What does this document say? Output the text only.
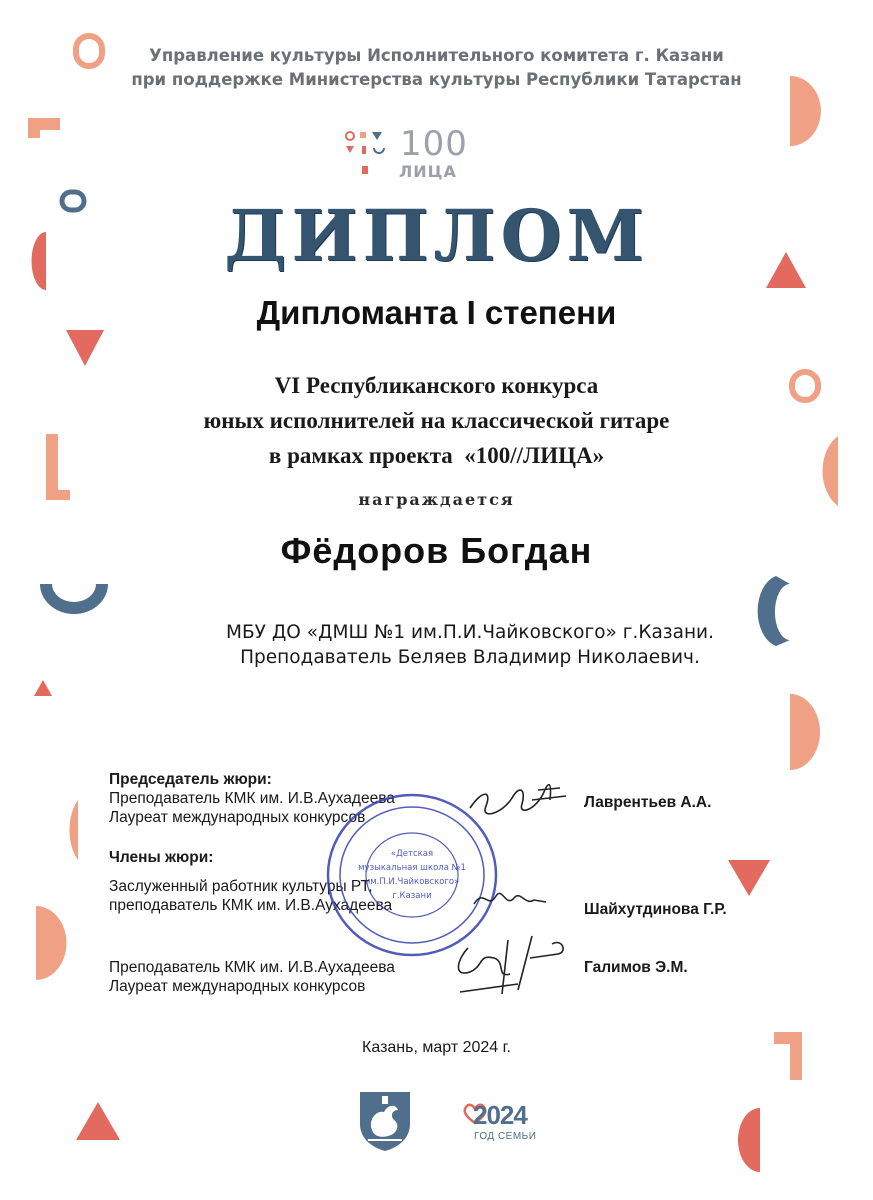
Управление культуры Исполнительного комитета г. Казани
при поддержке Министерства культуры Республики Татарстан
100
ЛИЦА
ДИПЛОМ
Дипломанта I степени
VI Республиканского конкурса
юных исполнителей на классической гитаре
в рамках проекта  «100//ЛИЦА»
награждается
Фёдоров Богдан
МБУ ДО «ДМШ №1 им.П.И.Чайковского» г.Казани.
Преподаватель Беляев Владимир Николаевич.
Председатель жюри:
Преподаватель КМК им. И.В.Аухадеева
Лауреат международных конкурсов
Лаврентьев А.А.
Члены жюри:
Заслуженный работник культуры РТ,
преподаватель КМК им. И.В.Аухадеева	Шайхутдинова Г.Р.
Преподаватель КМК им. И.В.Аухадеева
Лауреат международных конкурсов
Галимов Э.М.
«Детская
музыкальная школа №1
им.П.И.Чайковского»
г.Казани
Казань, март 2024 г.
2024
ГОД СЕМЬИ
